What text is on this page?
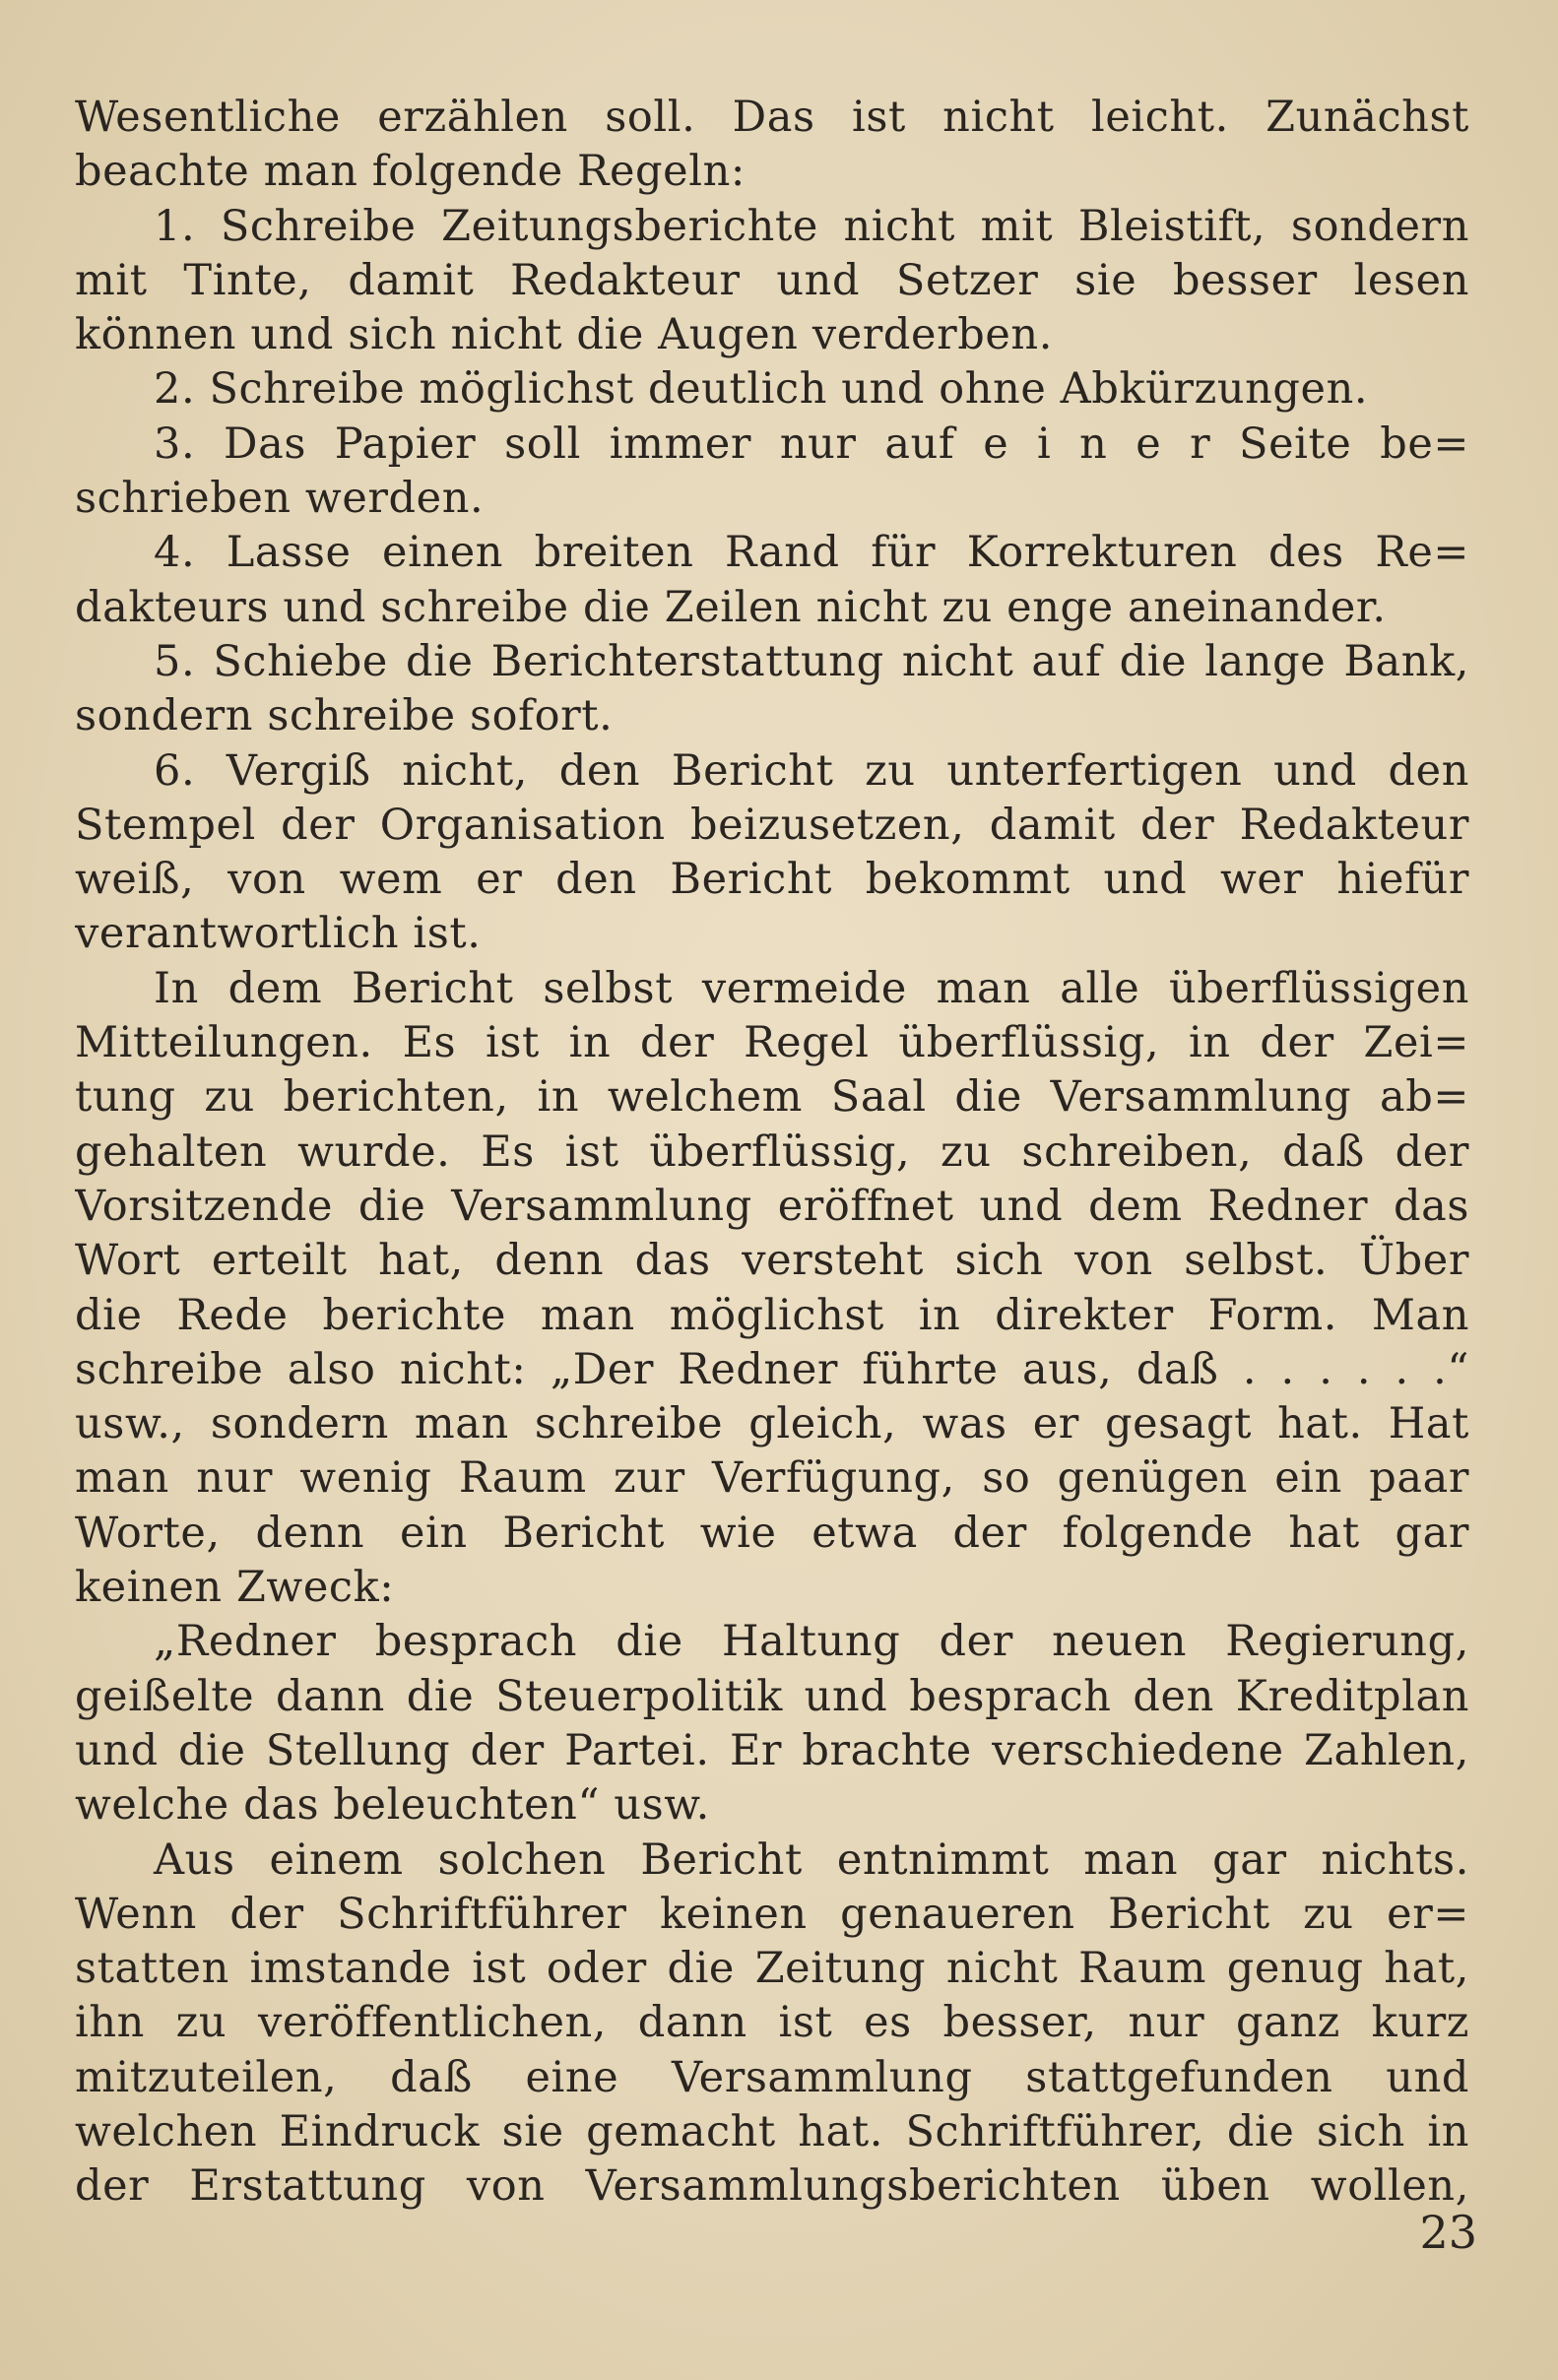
Wesentliche erzählen soll. Das ist nicht leicht. Zunächst
beachte man folgende Regeln:
1. Schreibe Zeitungsberichte nicht mit Bleistift, sondern
mit Tinte, damit Redakteur und Setzer sie besser lesen
können und sich nicht die Augen verderben.
2. Schreibe möglichst deutlich und ohne Abkürzungen.
3. Das Papier soll immer nur auf e i n e r Seite be=
schrieben werden.
4. Lasse einen breiten Rand für Korrekturen des Re=
dakteurs und schreibe die Zeilen nicht zu enge aneinander.
5. Schiebe die Berichterstattung nicht auf die lange Bank,
sondern schreibe sofort.
6. Vergiß nicht, den Bericht zu unterfertigen und den
Stempel der Organisation beizusetzen, damit der Redakteur
weiß, von wem er den Bericht bekommt und wer hiefür
verantwortlich ist.
In dem Bericht selbst vermeide man alle überflüssigen
Mitteilungen. Es ist in der Regel überflüssig, in der Zei=
tung zu berichten, in welchem Saal die Versammlung ab=
gehalten wurde. Es ist überflüssig, zu schreiben, daß der
Vorsitzende die Versammlung eröffnet und dem Redner das
Wort erteilt hat, denn das versteht sich von selbst. Über
die Rede berichte man möglichst in direkter Form. Man
schreibe also nicht: „Der Redner führte aus, daß . . . . . .“
usw., sondern man schreibe gleich, was er gesagt hat. Hat
man nur wenig Raum zur Verfügung, so genügen ein paar
Worte, denn ein Bericht wie etwa der folgende hat gar
keinen Zweck:
„Redner besprach die Haltung der neuen Regierung,
geißelte dann die Steuerpolitik und besprach den Kreditplan
und die Stellung der Partei. Er brachte verschiedene Zahlen,
welche das beleuchten“ usw.
Aus einem solchen Bericht entnimmt man gar nichts.
Wenn der Schriftführer keinen genaueren Bericht zu er=
statten imstande ist oder die Zeitung nicht Raum genug hat,
ihn zu veröffentlichen, dann ist es besser, nur ganz kurz
mitzuteilen, daß eine Versammlung stattgefunden und
welchen Eindruck sie gemacht hat. Schriftführer, die sich in
der Erstattung von Versammlungsberichten üben wollen,
23
